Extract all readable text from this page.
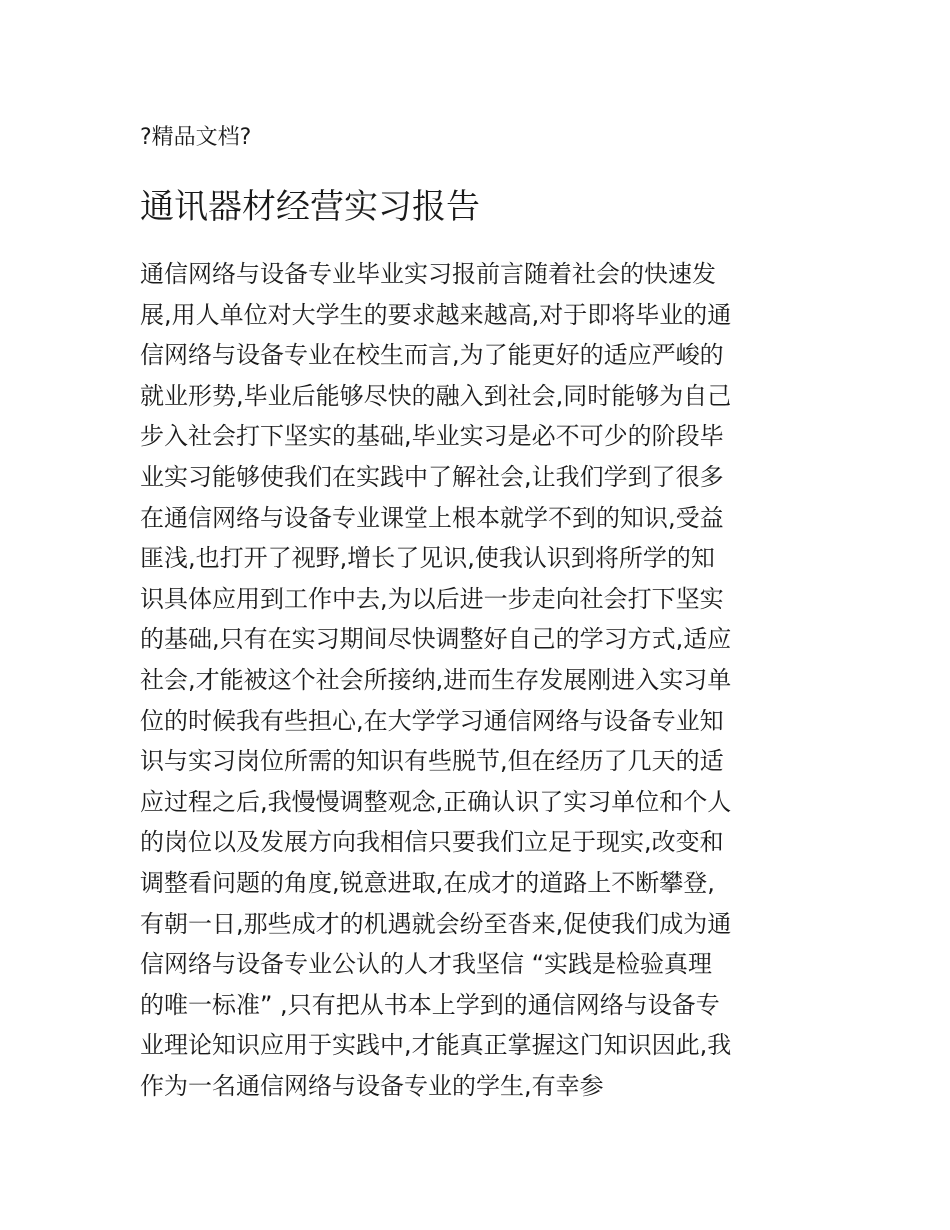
?精品文档?
通讯器材经营实习报告
通信网络与设备专业毕业实习报前言随着社会的快速发
展,用人单位对大学生的要求越来越高,对于即将毕业的通
信网络与设备专业在校生而言,为了能更好的适应严峻的
就业形势,毕业后能够尽快的融入到社会,同时能够为自己
步入社会打下坚实的基础,毕业实习是必不可少的阶段毕
业实习能够使我们在实践中了解社会,让我们学到了很多
在通信网络与设备专业课堂上根本就学不到的知识,受益
匪浅,也打开了视野,增长了见识,使我认识到将所学的知
识具体应用到工作中去,为以后进一步走向社会打下坚实
的基础,只有在实习期间尽快调整好自己的学习方式,适应
社会,才能被这个社会所接纳,进而生存发展刚进入实习单
位的时候我有些担心,在大学学习通信网络与设备专业知
识与实习岗位所需的知识有些脱节,但在经历了几天的适
应过程之后,我慢慢调整观念,正确认识了实习单位和个人
的岗位以及发展方向我相信只要我们立足于现实,改变和
调整看问题的角度,锐意进取,在成才的道路上不断攀登,
有朝一日,那些成才的机遇就会纷至沓来,促使我们成为通
信网络与设备专业公认的人才我坚信 “实践是检验真理
的唯一标准” ,只有把从书本上学到的通信网络与设备专
业理论知识应用于实践中,才能真正掌握这门知识因此,我
作为一名通信网络与设备专业的学生,有幸参
